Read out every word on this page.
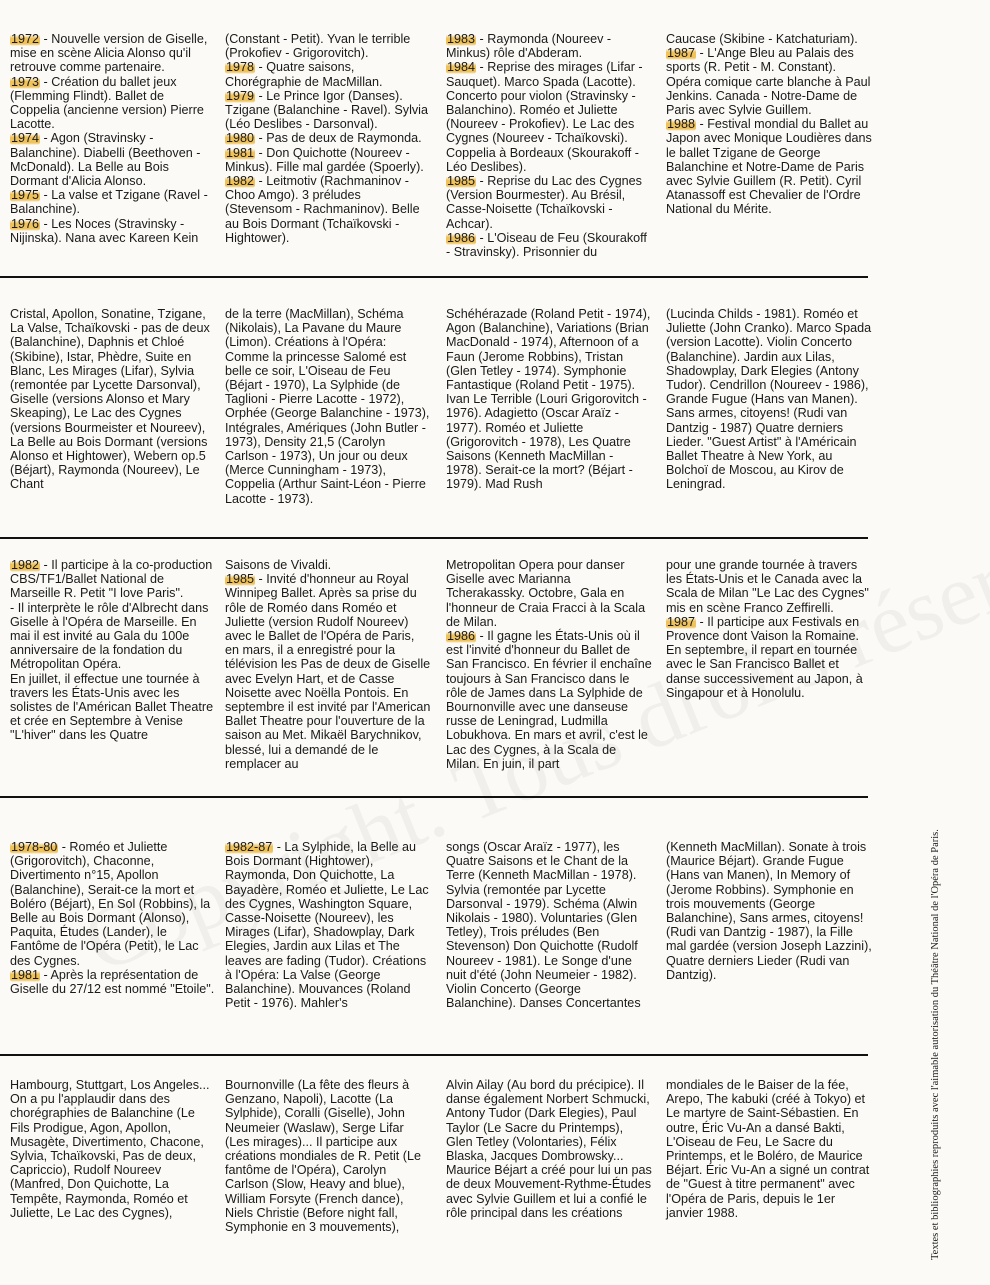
1972 - Nouvelle version de Giselle, mise en scène Alicia Alonso qu'il retrouve comme partenaire.
1973 - Création du ballet jeux (Flemming Flindt). Ballet de Coppelia (ancienne version) Pierre Lacotte.
1974 - Agon (Stravinsky - Balanchine). Diabelli (Beethoven - McDonald). La Belle au Bois Dormant d'Alicia Alonso.
1975 - La valse et Tzigane (Ravel - Balanchine).
1976 - Les Noces (Stravinsky - Nijinska). Nana avec Kareen Kein
(Constant - Petit). Yvan le terrible (Prokofiev - Grigorovitch).
1978 - Quatre saisons, Chorégraphie de MacMillan.
1979 - Le Prince Igor (Danses). Tzigane (Balanchine - Ravel). Sylvia (Léo Deslibes - Darsonval).
1980 - Pas de deux de Raymonda.
1981 - Don Quichotte (Noureev - Minkus). Fille mal gardée (Spoerly).
1982 - Leitmotiv (Rachmaninov - Choo Amgo). 3 préludes (Stevensom - Rachmaninov). Belle au Bois Dormant (Tchaïkovski - Hightower).
1983 - Raymonda (Noureev - Minkus) rôle d'Abderam.
1984 - Reprise des mirages (Lifar - Sauquet). Marco Spada (Lacotte). Concerto pour violon (Stravinsky - Balanchino). Roméo et Juliette (Noureev - Prokofiev). Le Lac des Cygnes (Noureev - Tchaïkovski). Coppelia à Bordeaux (Skourakoff - Léo Deslibes).
1985 - Reprise du Lac des Cygnes (Version Bourmester). Au Brésil, Casse-Noisette (Tchaïkovski - Achcar).
1986 - L'Oiseau de Feu (Skourakoff - Stravinsky). Prisonnier du
Caucase (Skibine - Katchaturiam).
1987 - L'Ange Bleu au Palais des sports (R. Petit - M. Constant). Opéra comique carte blanche à Paul Jenkins. Canada - Notre-Dame de Paris avec Sylvie Guillem.
1988 - Festival mondial du Ballet au Japon avec Monique Loudières dans le ballet Tzigane de George Balanchine et Notre-Dame de Paris avec Sylvie Guillem (R. Petit). Cyril Atanassoff est Chevalier de l'Ordre National du Mérite.
Cristal, Apollon, Sonatine, Tzigane, La Valse, Tchaïkovski - pas de deux (Balanchine), Daphnis et Chloé (Skibine), Istar, Phèdre, Suite en Blanc, Les Mirages (Lifar), Sylvia (remontée par Lycette Darsonval), Giselle (versions Alonso et Mary Skeaping), Le Lac des Cygnes (versions Bourmeister et Noureev), La Belle au Bois Dormant (versions Alonso et Hightower), Webern op.5 (Béjart), Raymonda (Noureev), Le Chant
de la terre (MacMillan), Schéma (Nikolais), La Pavane du Maure (Limon). Créations à l'Opéra: Comme la princesse Salomé est belle ce soir, L'Oiseau de Feu (Béjart - 1970), La Sylphide (de Taglioni - Pierre Lacotte - 1972), Orphée (George Balanchine - 1973), Intégrales, Amériques (John Butler - 1973), Density 21,5 (Carolyn Carlson - 1973), Un jour ou deux (Merce Cunningham - 1973), Coppelia (Arthur Saint-Léon - Pierre Lacotte - 1973).
Schéhérazade (Roland Petit - 1974), Agon (Balanchine), Variations (Brian MacDonald - 1974), Afternoon of a Faun (Jerome Robbins), Tristan (Glen Tetley - 1974). Symphonie Fantastique (Roland Petit - 1975). Ivan Le Terrible (Louri Grigorovitch - 1976). Adagietto (Oscar Araïz - 1977). Roméo et Juliette (Grigorovitch - 1978), Les Quatre Saisons (Kenneth MacMillan - 1978). Serait-ce la mort? (Béjart - 1979). Mad Rush
(Lucinda Childs - 1981). Roméo et Juliette (John Cranko). Marco Spada (version Lacotte). Violin Concerto (Balanchine). Jardin aux Lilas, Shadowplay, Dark Elegies (Antony Tudor). Cendrillon (Noureev - 1986), Grande Fugue (Hans van Manen). Sans armes, citoyens! (Rudi van Dantzig - 1987) Quatre derniers Lieder. "Guest Artist" à l'Américain Ballet Theatre à New York, au Bolchoï de Moscou, au Kirov de Leningrad.
1982 - Il participe à la co-production CBS/TF1/Ballet National de Marseille R. Petit "I love Paris".
- Il interprète le rôle d'Albrecht dans Giselle à l'Opéra de Marseille. En mai il est invité au Gala du 100e anniversaire de la fondation du Métropolitan Opéra.
En juillet, il effectue une tournée à travers les États-Unis avec les solistes de l'Américan Ballet Theatre et crée en Septembre à Venise "L'hiver" dans les Quatre
Saisons de Vivaldi.
1985 - Invité d'honneur au Royal Winnipeg Ballet. Après sa prise du rôle de Roméo dans Roméo et Juliette (version Rudolf Noureev) avec le Ballet de l'Opéra de Paris, en mars, il a enregistré pour la télévision les Pas de deux de Giselle avec Evelyn Hart, et de Casse Noisette avec Noëlla Pontois. En septembre il est invité par l'American Ballet Theatre pour l'ouverture de la saison au Met. Mikaël Barychnikov, blessé, lui a demandé de le remplacer au
Metropolitan Opera pour danser Giselle avec Marianna Tcherakassky. Octobre, Gala en l'honneur de Craia Fracci à la Scala de Milan.
1986 - Il gagne les États-Unis où il est l'invité d'honneur du Ballet de San Francisco. En février il enchaîne toujours à San Francisco dans le rôle de James dans La Sylphide de Bournonville avec une danseuse russe de Leningrad, Ludmilla Lobukhova. En mars et avril, c'est le Lac des Cygnes, à la Scala de Milan. En juin, il part
pour une grande tournée à travers les États-Unis et le Canada avec la Scala de Milan "Le Lac des Cygnes" mis en scène Franco Zeffirelli.
1987 - Il participe aux Festivals en Provence dont Vaison la Romaine. En septembre, il repart en tournée avec le San Francisco Ballet et danse successivement au Japon, à Singapour et à Honolulu.
1978-80 - Roméo et Juliette (Grigorovitch), Chaconne, Divertimento n°15, Apollon (Balanchine), Serait-ce la mort et Boléro (Béjart), En Sol (Robbins), la Belle au Bois Dormant (Alonso), Paquita, Études (Lander), le Fantôme de l'Opéra (Petit), le Lac des Cygnes.
1981 - Après la représentation de Giselle du 27/12 est nommé "Etoile".
1982-87 - La Sylphide, la Belle au Bois Dormant (Hightower), Raymonda, Don Quichotte, La Bayadère, Roméo et Juliette, Le Lac des Cygnes, Washington Square, Casse-Noisette (Noureev), les Mirages (Lifar), Shadowplay, Dark Elegies, Jardin aux Lilas et The leaves are fading (Tudor). Créations à l'Opéra: La Valse (George Balanchine). Mouvances (Roland Petit - 1976). Mahler's
songs (Oscar Araïz - 1977), les Quatre Saisons et le Chant de la Terre (Kenneth MacMillan - 1978). Sylvia (remontée par Lycette Darsonval - 1979). Schéma (Alwin Nikolais - 1980). Voluntaries (Glen Tetley), Trois préludes (Ben Stevenson) Don Quichotte (Rudolf Noureev - 1981). Le Songe d'une nuit d'été (John Neumeier - 1982). Violin Concerto (George Balanchine). Danses Concertantes
(Kenneth MacMillan). Sonate à trois (Maurice Béjart). Grande Fugue (Hans van Manen), In Memory of (Jerome Robbins). Symphonie en trois mouvements (George Balanchine), Sans armes, citoyens! (Rudi van Dantzig - 1987), la Fille mal gardée (version Joseph Lazzini), Quatre derniers Lieder (Rudi van Dantzig).
Hambourg, Stuttgart, Los Angeles... On a pu l'applaudir dans des chorégraphies de Balanchine (Le Fils Prodigue, Agon, Apollon, Musagète, Divertimento, Chacone, Sylvia, Tchaïkovski, Pas de deux, Capriccio), Rudolf Noureev (Manfred, Don Quichotte, La Tempête, Raymonda, Roméo et Juliette, Le Lac des Cygnes),
Bournonville (La fête des fleurs à Genzano, Napoli), Lacotte (La Sylphide), Coralli (Giselle), John Neumeier (Waslaw), Serge Lifar (Les mirages)... Il participe aux créations mondiales de R. Petit (Le fantôme de l'Opéra), Carolyn Carlson (Slow, Heavy and blue), William Forsyte (French dance), Niels Christie (Before night fall, Symphonie en 3 mouvements),
Alvin Ailay (Au bord du précipice). Il danse également Norbert Schmucki, Antony Tudor (Dark Elegies), Paul Taylor (Le Sacre du Printemps), Glen Tetley (Volontaries), Félix Blaska, Jacques Dombrowsky... Maurice Béjart a créé pour lui un pas de deux Mouvement-Rythme-Études avec Sylvie Guillem et lui a confié le rôle principal dans les créations
mondiales de le Baiser de la fée, Arepo, The kabuki (créé à Tokyo) et Le martyre de Saint-Sébastien. En outre, Éric Vu-An a dansé Bakti, L'Oiseau de Feu, Le Sacre du Printemps, et le Boléro, de Maurice Béjart. Éric Vu-An a signé un contrat de "Guest à titre permanent" avec l'Opéra de Paris, depuis le 1er janvier 1988.	Textes et bibliographies reproduits avec l'aimable autorisation du Théâtre National de l'Opéra de Paris.
